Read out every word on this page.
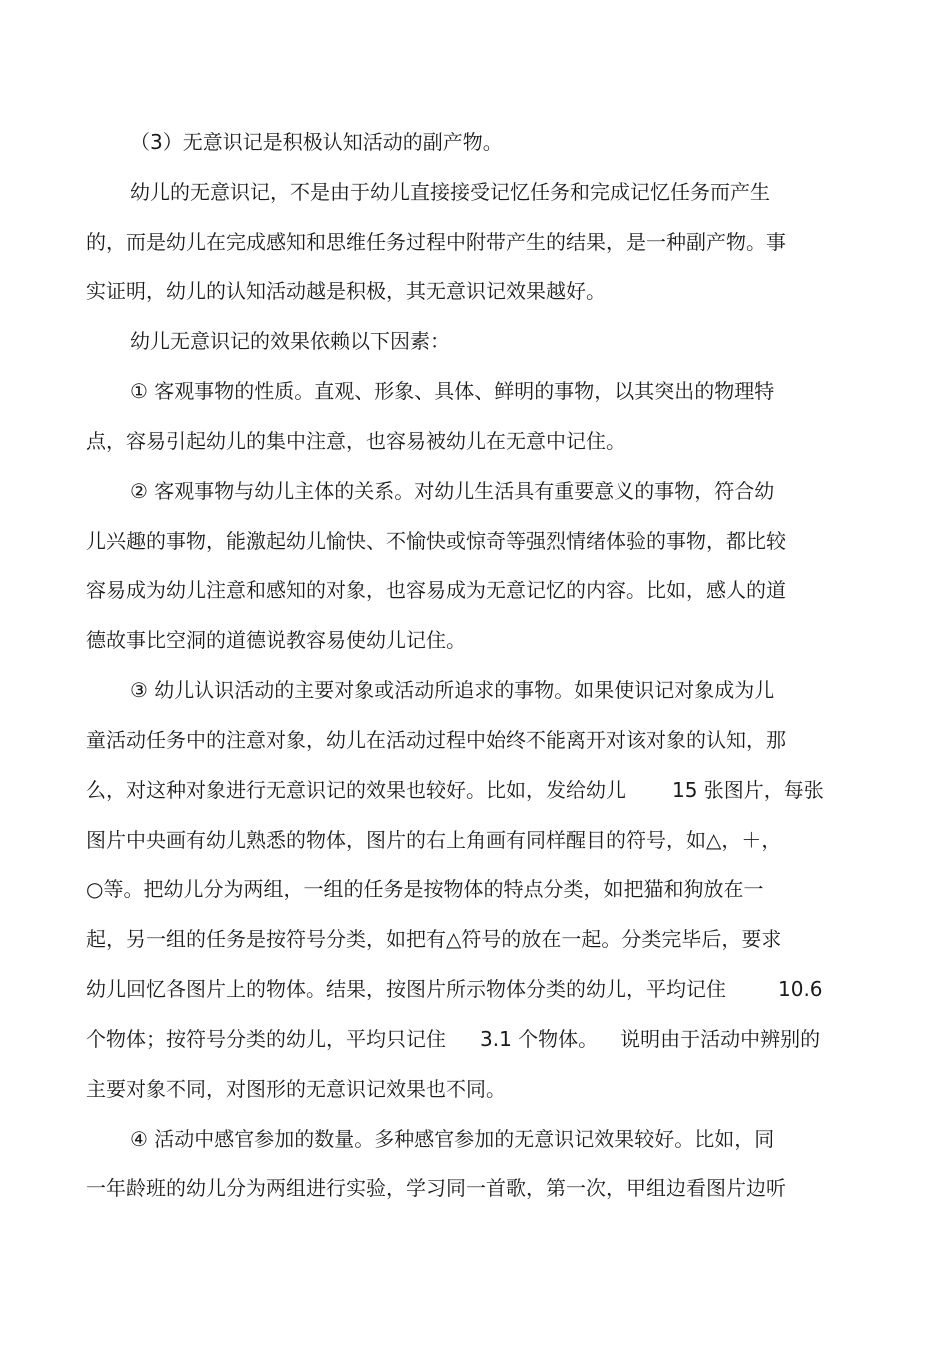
（3）无意识记是积极认知活动的副产物。
幼儿的无意识记，不是由于幼儿直接接受记忆任务和完成记忆任务而产生
的，而是幼儿在完成感知和思维任务过程中附带产生的结果，是一种副产物。事
实证明，幼儿的认知活动越是积极，其无意识记效果越好。
幼儿无意识记的效果依赖以下因素：
① 客观事物的性质。直观、形象、具体、鲜明的事物，以其突出的物理特
点，容易引起幼儿的集中注意，也容易被幼儿在无意中记住。
② 客观事物与幼儿主体的关系。对幼儿生活具有重要意义的事物，符合幼
儿兴趣的事物，能激起幼儿愉快、不愉快或惊奇等强烈情绪体验的事物，都比较
容易成为幼儿注意和感知的对象，也容易成为无意记忆的内容。比如，感人的道
德故事比空洞的道德说教容易使幼儿记住。
③ 幼儿认识活动的主要对象或活动所追求的事物。如果使识记对象成为儿
童活动任务中的注意对象，幼儿在活动过程中始终不能离开对该对象的认知，那
么，对这种对象进行无意识记的效果也较好。比如，发给幼儿 15 张图片，每张
图片中央画有幼儿熟悉的物体，图片的右上角画有同样醒目的符号，如△，＋，
○等。把幼儿分为两组，一组的任务是按物体的特点分类，如把猫和狗放在一
起，另一组的任务是按符号分类，如把有△符号的放在一起。分类完毕后，要求
幼儿回忆各图片上的物体。结果，按图片所示物体分类的幼儿，平均记住	10.6
个物体；按符号分类的幼儿，平均只记住 3.1 个物体。 说明由于活动中辨别的
主要对象不同，对图形的无意识记效果也不同。
④ 活动中感官参加的数量。多种感官参加的无意识记效果较好。比如，同
一年龄班的幼儿分为两组进行实验，学习同一首歌，第一次，甲组边看图片边听
